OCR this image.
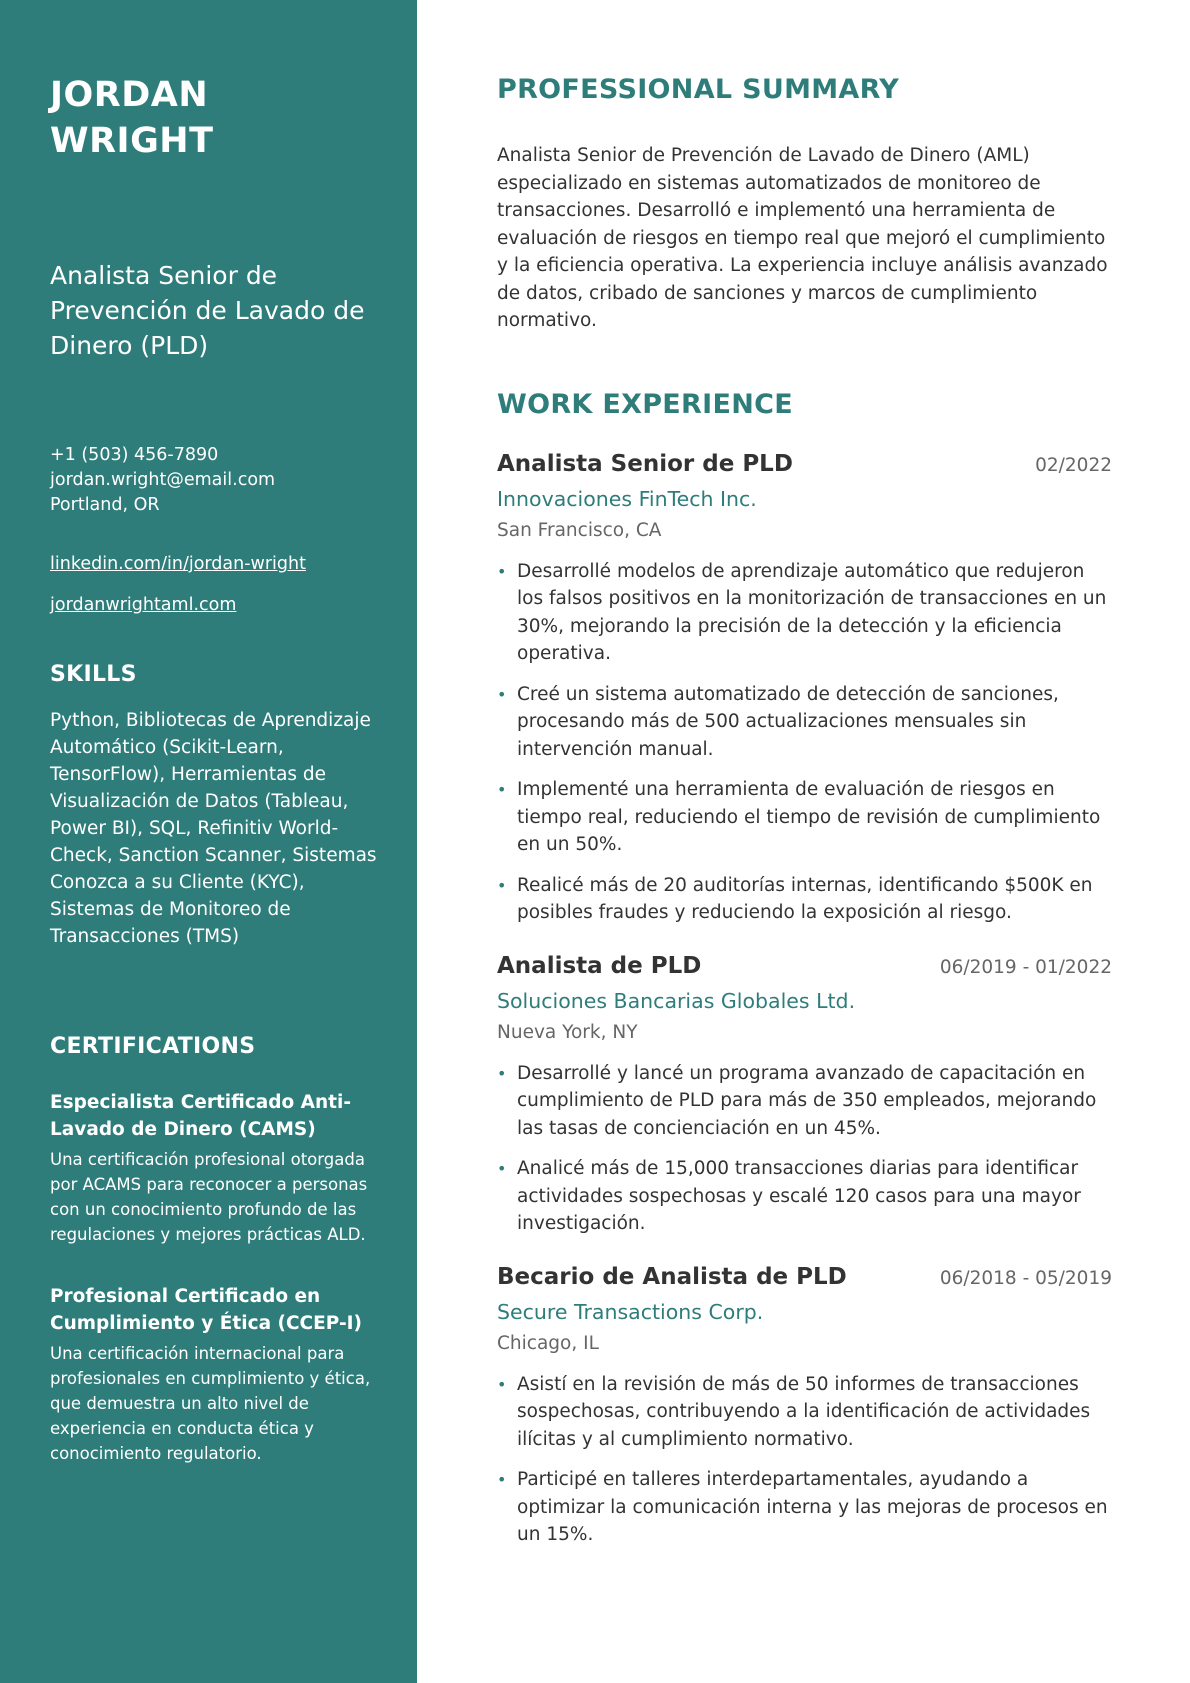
JORDAN WRIGHT
Analista Senior de Prevención de Lavado de Dinero (PLD)
+1 (503) 456-7890
jordan.wright@email.com
Portland, OR
linkedin.com/in/jordan-wright
jordanwrightaml.com
SKILLS
Python, Bibliotecas de Aprendizaje Automático (Scikit-Learn, TensorFlow), Herramientas de Visualización de Datos (Tableau, Power BI), SQL, Refinitiv World-Check, Sanction Scanner, Sistemas Conozca a su Cliente (KYC), Sistemas de Monitoreo de Transacciones (TMS)
CERTIFICATIONS
Especialista Certificado Anti-Lavado de Dinero (CAMS)
Una certificación profesional otorgada por ACAMS para reconocer a personas con un conocimiento profundo de las regulaciones y mejores prácticas ALD.
Profesional Certificado en Cumplimiento y Ética (CCEP-I)
Una certificación internacional para profesionales en cumplimiento y ética, que demuestra un alto nivel de experiencia en conducta ética y conocimiento regulatorio.
PROFESSIONAL SUMMARY

Analista Senior de Prevención de Lavado de Dinero (AML) especializado en sistemas automatizados de monitoreo de transacciones. Desarrolló e implementó una herramienta de evaluación de riesgos en tiempo real que mejoró el cumplimiento y la eficiencia operativa. La experiencia incluye análisis avanzado de datos, cribado de sanciones y marcos de cumplimiento normativo.

WORK EXPERIENCE
Analista Senior de PLD	02/2022
Innovaciones FinTech Inc.
San Francisco, CA
• Desarrollé modelos de aprendizaje automático que redujeron los falsos positivos en la monitorización de transacciones en un 30%, mejorando la precisión de la detección y la eficiencia operativa.
• Creé un sistema automatizado de detección de sanciones, procesando más de 500 actualizaciones mensuales sin intervención manual.
• Implementé una herramienta de evaluación de riesgos en tiempo real, reduciendo el tiempo de revisión de cumplimiento en un 50%.
• Realicé más de 20 auditorías internas, identificando $500K en posibles fraudes y reduciendo la exposición al riesgo.
Analista de PLD	06/2019 - 01/2022
Soluciones Bancarias Globales Ltd.
Nueva York, NY
• Desarrollé y lancé un programa avanzado de capacitación en cumplimiento de PLD para más de 350 empleados, mejorando las tasas de concienciación en un 45%.
• Analicé más de 15,000 transacciones diarias para identificar actividades sospechosas y escalé 120 casos para una mayor investigación.
Becario de Analista de PLD	06/2018 - 05/2019
Secure Transactions Corp.
Chicago, IL
• Asistí en la revisión de más de 50 informes de transacciones sospechosas, contribuyendo a la identificación de actividades ilícitas y al cumplimiento normativo.
• Participé en talleres interdepartamentales, ayudando a optimizar la comunicación interna y las mejoras de procesos en un 15%.
